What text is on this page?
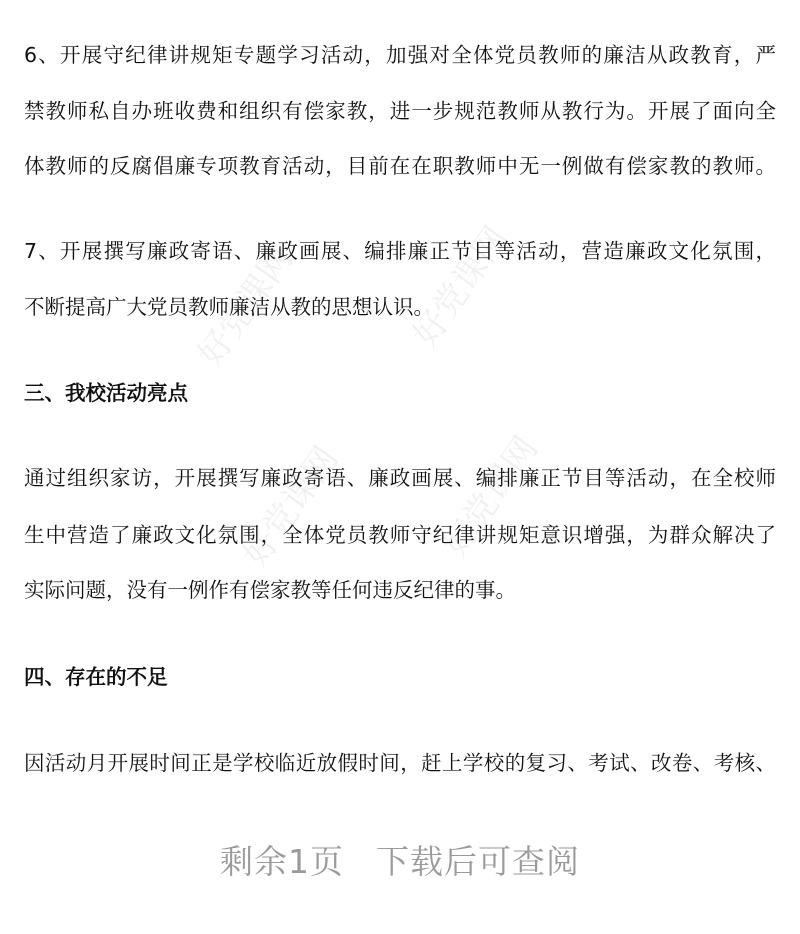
好党课网	好党课网
好党课网	好党课网
6、开展守纪律讲规矩专题学习活动，加强对全体党员教师的廉洁从政教育，严
禁教师私自办班收费和组织有偿家教，进一步规范教师从教行为。开展了面向全
体教师的反腐倡廉专项教育活动，目前在在职教师中无一例做有偿家教的教师。
7、开展撰写廉政寄语、廉政画展、编排廉正节目等活动，营造廉政文化氛围，
不断提高广大党员教师廉洁从教的思想认识。
三、我校活动亮点
通过组织家访，开展撰写廉政寄语、廉政画展、编排廉正节目等活动，在全校师
生中营造了廉政文化氛围，全体党员教师守纪律讲规矩意识增强，为群众解决了
实际问题，没有一例作有偿家教等任何违反纪律的事。
四、存在的不足
因活动月开展时间正是学校临近放假时间，赶上学校的复习、考试、改卷、考核、
剩余1页 下载后可查阅
